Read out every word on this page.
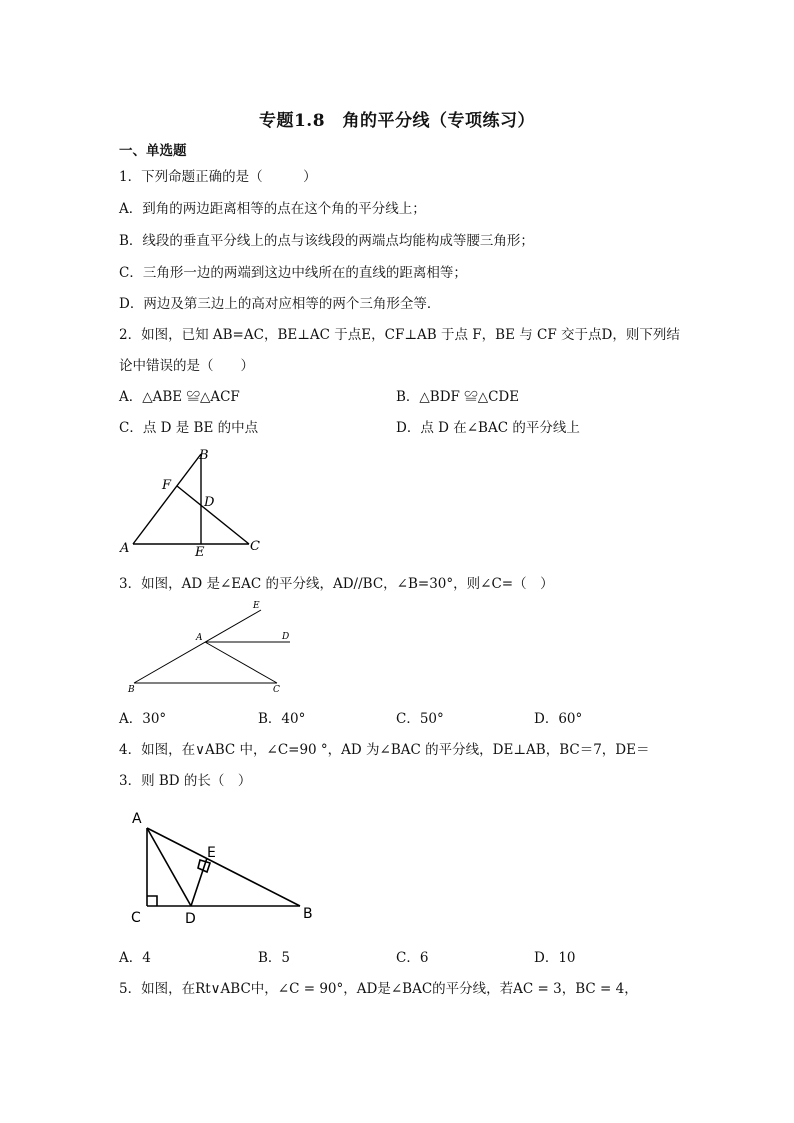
专题1.8　角的平分线（专项练习）
一、单选题
1．下列命题正确的是（　　　）
A．到角的两边距离相等的点在这个角的平分线上；
B．线段的垂直平分线上的点与该线段的两端点均能构成等腰三角形；
C．三角形一边的两端到这边中线所在的直线的距离相等；
D．两边及第三边上的高对应相等的两个三角形全等．
2．如图，已知 AB=AC，BE⊥AC 于点E，CF⊥AB 于点 F，BE 与 CF 交于点D，则下列结
论中错误的是（　　）
A．△ABE ≌△ACF	B．△BDF ≌△CDE
C．点 D 是 BE 的中点	D．点 D 在∠BAC 的平分线上
B
F
D
A	E	C
3．如图，AD 是∠EAC 的平分线，AD//BC，∠B=30°，则∠C=（　）
E
A	D
B	C
A．30°	B．40°	C．50°	D．60°
4．如图，在∨ABC 中，∠C=90 °，AD 为∠BAC 的平分线，DE⊥AB，BC＝7，DE＝
3．则 BD 的长（　）
A
E
C	D	B
A．4	B．5	C．6	D．10
5．如图，在Rt∨ABC中，∠C = 90°，AD是∠BAC的平分线，若AC = 3，BC = 4，
